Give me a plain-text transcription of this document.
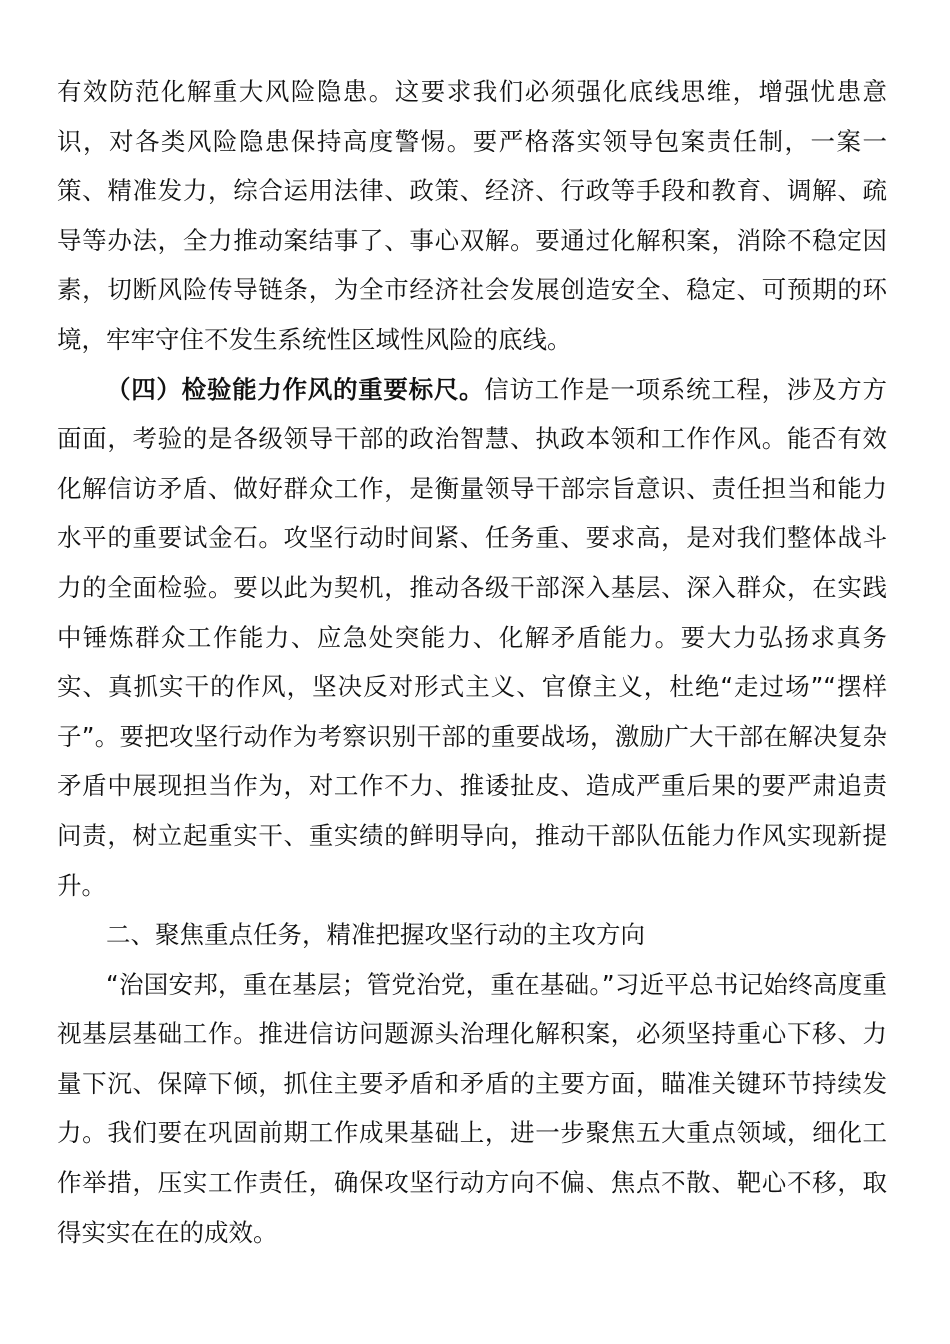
有效防范化解重大风险隐患。这要求我们必须强化底线思维，增强忧患意识，对各类风险隐患保持高度警惕。要严格落实领导包案责任制，一案一策、精准发力，综合运用法律、政策、经济、行政等手段和教育、调解、疏导等办法，全力推动案结事了、事心双解。要通过化解积案，消除不稳定因素，切断风险传导链条，为全市经济社会发展创造安全、稳定、可预期的环境，牢牢守住不发生系统性区域性风险的底线。

（四）检验能力作风的重要标尺。信访工作是一项系统工程，涉及方方面面，考验的是各级领导干部的政治智慧、执政本领和工作作风。能否有效化解信访矛盾、做好群众工作，是衡量领导干部宗旨意识、责任担当和能力水平的重要试金石。攻坚行动时间紧、任务重、要求高，是对我们整体战斗力的全面检验。要以此为契机，推动各级干部深入基层、深入群众，在实践中锤炼群众工作能力、应急处突能力、化解矛盾能力。要大力弘扬求真务实、真抓实干的作风，坚决反对形式主义、官僚主义，杜绝“走过场”“摆样子”。要把攻坚行动作为考察识别干部的重要战场，激励广大干部在解决复杂矛盾中展现担当作为，对工作不力、推诿扯皮、造成严重后果的要严肃追责问责，树立起重实干、重实绩的鲜明导向，推动干部队伍能力作风实现新提升。

二、聚焦重点任务，精准把握攻坚行动的主攻方向

“治国安邦，重在基层；管党治党，重在基础。”习近平总书记始终高度重视基层基础工作。推进信访问题源头治理化解积案，必须坚持重心下移、力量下沉、保障下倾，抓住主要矛盾和矛盾的主要方面，瞄准关键环节持续发力。我们要在巩固前期工作成果基础上，进一步聚焦五大重点领域，细化工作举措，压实工作责任，确保攻坚行动方向不偏、焦点不散、靶心不移，取得实实在在的成效。
